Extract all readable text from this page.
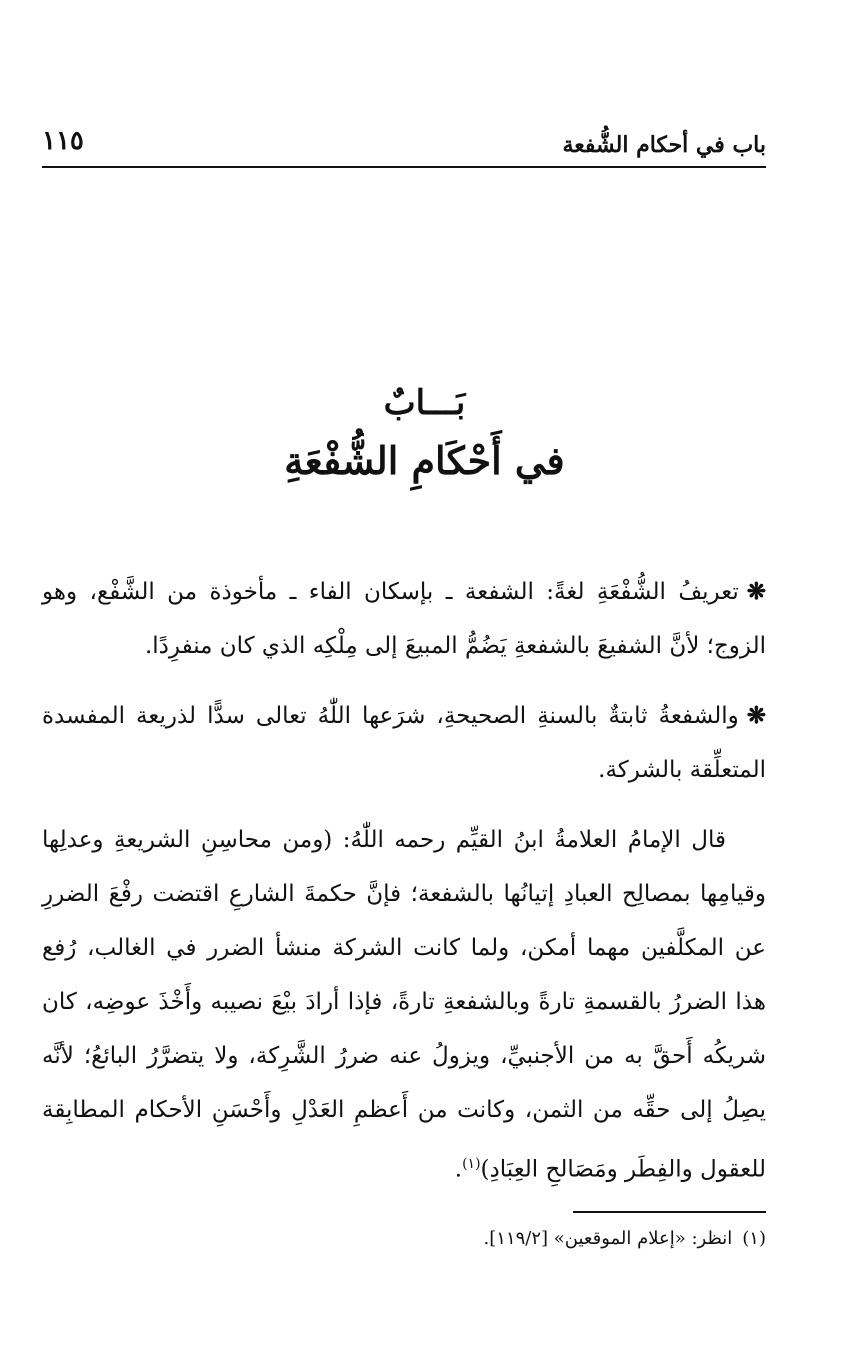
باب في أحكام الشُّفعة
١١٥
بَـــابٌ
في أَحْكَامِ الشُّفْعَةِ

❋تعريفُ الشُّفْعَةِ لغةً: الشفعة ـ بإسكان الفاء ـ مأخوذة من الشَّفْع، وهو الزوج؛ لأنَّ الشفيعَ بالشفعةِ يَضُمُّ المبيعَ إلى مِلْكِه الذي كان منفرِدًا.

❋والشفعةُ ثابتةٌ بالسنةِ الصحيحةِ، شرَعها اللّٰهُ تعالى سدًّا لذريعة المفسدة المتعلِّقة بالشركة.

قال الإمامُ العلامةُ ابنُ القيِّم رحمه اللّٰهُ: (ومن محاسِنِ الشريعةِ وعدلِها وقيامِها بمصالِح العبادِ إتيانُها بالشفعة؛ فإنَّ حكمةَ الشارعِ اقتضت رفْعَ الضررِ عن المكلَّفين مهما أمكن، ولما كانت الشركة منشأ الضرر في الغالب، رُفع هذا الضررُ بالقسمةِ تارةً وبالشفعةِ تارةً، فإذا أرادَ بيْعَ نصيبه وأَخْذَ عوضِه، كان شريكُه أَحقَّ به من الأجنبيِّ، ويزولُ عنه ضررُ الشَّرِكة، ولا يتضرَّرُ البائعُ؛ لأنَّه يصِلُ إلى حقِّه من الثمن، وكانت من أَعظمِ العَدْلِ وأَحْسَنِ الأحكام المطابِقة للعقول والفِطَر ومَصَالحِ العِبَادِ)$^{(١)}$.

(١)انظر: «إعلام الموقعين» [١١٩/٢].
